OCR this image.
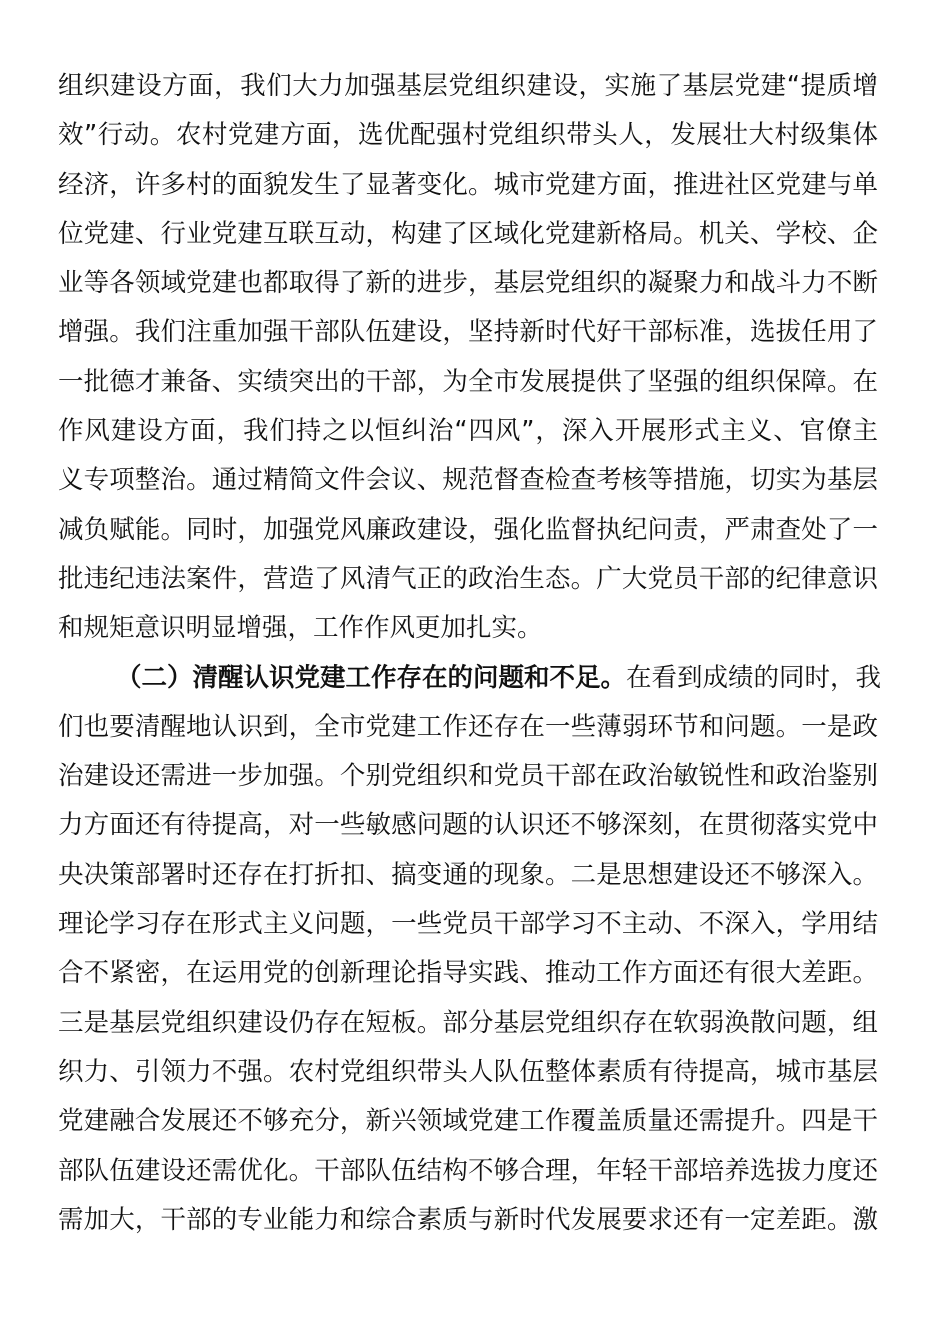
组织建设方面，我们大力加强基层党组织建设，实施了基层党建“提质增
效”行动。农村党建方面，选优配强村党组织带头人，发展壮大村级集体
经济，许多村的面貌发生了显著变化。城市党建方面，推进社区党建与单
位党建、行业党建互联互动，构建了区域化党建新格局。机关、学校、企
业等各领域党建也都取得了新的进步，基层党组织的凝聚力和战斗力不断
增强。我们注重加强干部队伍建设，坚持新时代好干部标准，选拔任用了
一批德才兼备、实绩突出的干部，为全市发展提供了坚强的组织保障。在
作风建设方面，我们持之以恒纠治“四风”，深入开展形式主义、官僚主
义专项整治。通过精简文件会议、规范督查检查考核等措施，切实为基层
减负赋能。同时，加强党风廉政建设，强化监督执纪问责，严肃查处了一
批违纪违法案件，营造了风清气正的政治生态。广大党员干部的纪律意识
和规矩意识明显增强，工作作风更加扎实。
（二）清醒认识党建工作存在的问题和不足。在看到成绩的同时，我
们也要清醒地认识到，全市党建工作还存在一些薄弱环节和问题。一是政
治建设还需进一步加强。个别党组织和党员干部在政治敏锐性和政治鉴别
力方面还有待提高，对一些敏感问题的认识还不够深刻，在贯彻落实党中
央决策部署时还存在打折扣、搞变通的现象。二是思想建设还不够深入。
理论学习存在形式主义问题，一些党员干部学习不主动、不深入，学用结
合不紧密，在运用党的创新理论指导实践、推动工作方面还有很大差距。
三是基层党组织建设仍存在短板。部分基层党组织存在软弱涣散问题，组
织力、引领力不强。农村党组织带头人队伍整体素质有待提高，城市基层
党建融合发展还不够充分，新兴领域党建工作覆盖质量还需提升。四是干
部队伍建设还需优化。干部队伍结构不够合理，年轻干部培养选拔力度还
需加大，干部的专业能力和综合素质与新时代发展要求还有一定差距。激
